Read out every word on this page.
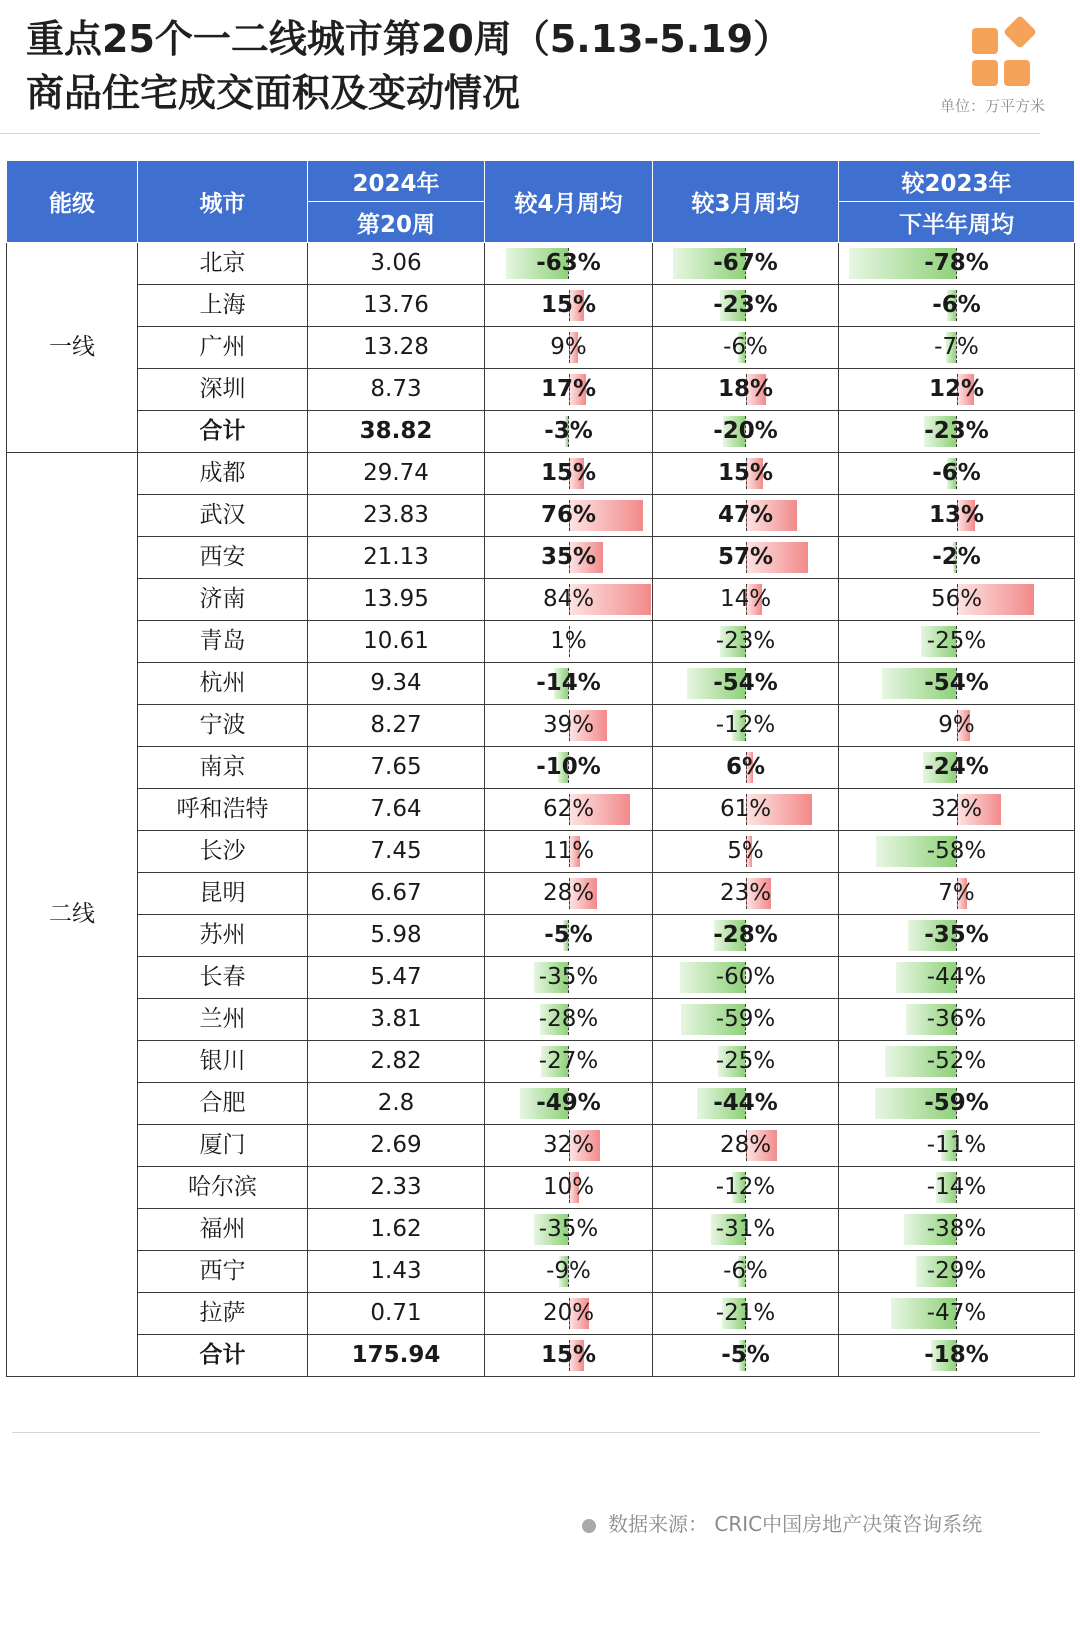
重点25个一二线城市第20周（5.13-5.19）
商品住宅成交面积及变动情况	单位：万平方米
能级	城市	2024年	较4月周均	较3月周均	较2023年
		第20周			下半年周均
一线	北京	3.06	-63%	-67%	-78%
	上海	13.76	15%	-23%	-6%
	广州	13.28	9%	-6%	-7%
	深圳	8.73	17%	18%	12%
	合计	38.82	-3%	-20%	-23%
二线	成都	29.74	15%	15%	-6%
	武汉	23.83	76%	47%	13%
	西安	21.13	35%	57%	-2%
	济南	13.95	84%	14%	56%
	青岛	10.61	1%	-23%	-25%
	杭州	9.34	-14%	-54%	-54%
	宁波	8.27	39%	-12%	9%
	南京	7.65	-10%	6%	-24%
	呼和浩特	7.64	62%	61%	32%
	长沙	7.45	11%	5%	-58%
	昆明	6.67	28%	23%	7%
	苏州	5.98	-5%	-28%	-35%
	长春	5.47	-35%	-60%	-44%
	兰州	3.81	-28%	-59%	-36%
	银川	2.82	-27%	-25%	-52%
	合肥	2.8	-49%	-44%	-59%
	厦门	2.69	32%	28%	-11%
	哈尔滨	2.33	10%	-12%	-14%
	福州	1.62	-35%	-31%	-38%
	西宁	1.43	-9%	-6%	-29%
	拉萨	0.71	20%	-21%	-47%
	合计	175.94	15%	-5%	-18%
数据来源： CRIC中国房地产决策咨询系统
